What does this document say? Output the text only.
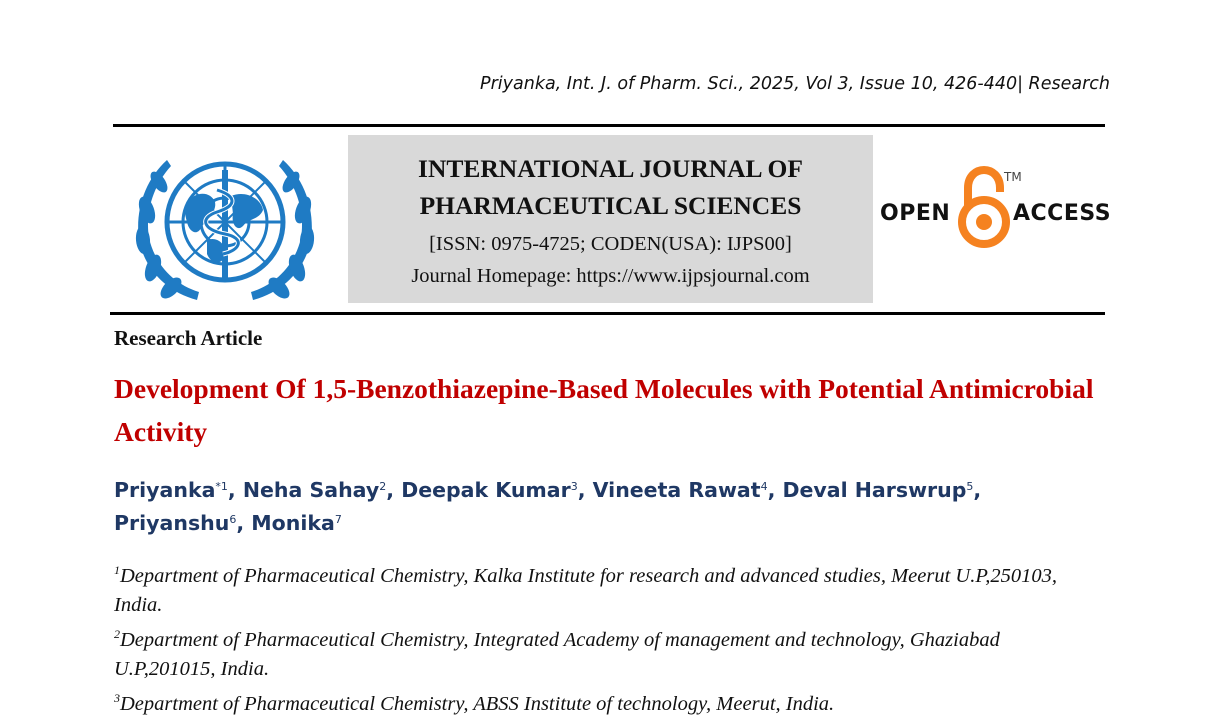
Priyanka, Int. J. of Pharm. Sci., 2025, Vol 3, Issue 10, 426-440| Research
INTERNATIONAL JOURNAL OF
PHARMACEUTICAL SCIENCES
[ISSN: 0975-4725; CODEN(USA): IJPS00]
Journal Homepage: https://www.ijpsjournal.com
OPEN
TM
ACCESS
Research Article
Development Of 1,5-Benzothiazepine-Based Molecules with Potential Antimicrobial Activity
Priyanka$^{*1}$, Neha Sahay$^2$, Deepak Kumar$^3$, Vineeta Rawat$^4$, Deval Harswrup$^5$,
Priyanshu$^6$, Monika$^7$
$^1$Department of Pharmaceutical Chemistry, Kalka Institute for research and advanced studies, Meerut U.P,250103, India.
$^2$Department of Pharmaceutical Chemistry, Integrated Academy of management and technology, Ghaziabad U.P,201015, India.
$^3$Department of Pharmaceutical Chemistry, ABSS Institute of technology, Meerut, India.
